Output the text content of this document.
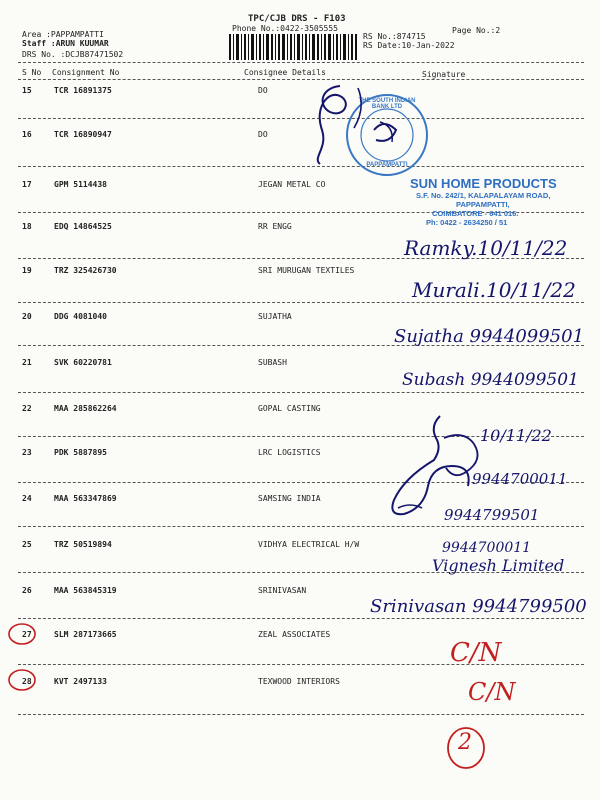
TPC/CJB DRS - F103
Phone No.:0422-3505555	Page No.:2
Area :PAPPAMPATTI
Staff :ARUN KUUMAR
DRS No. :DCJB87471502
RS No.:874715
RS Date:10-Jan-2022
S No Consignment No	Consignee Details	Signature
15	TCR 16891375	DO
16	TCR 16890947	DO
17	GPM 5114438	JEGAN METAL CO
18	EDQ 14864525	RR ENGG
19	TRZ 325426730	SRI MURUGAN TEXTILES
20	DDG 4081040	SUJATHA
21	SVK 60220781	SUBASH
22	MAA 285862264	GOPAL CASTING
23	PDK 5887895	LRC LOGISTICS
24	MAA 563347869	SAMSING INDIA
25	TRZ 50519894	VIDHYA ELECTRICAL H/W
26	MAA 563845319	SRINIVASAN
27	SLM 287173665	ZEAL ASSOCIATES
28	KVT 2497133	TEXWOOD INTERIORS
THE SOUTH INDIAN BANK LTD
PAPPAMPATTI
SUN HOME PRODUCTS
S.F. No. 242/1, KALAPALAYAM ROAD,
PAPPAMPATTI,
COIMBATORE - 641 016.
Ph: 0422 - 2634250 / 51
Ramky.10/11/22
Murali.10/11/22
Sujatha 9944099501
Subash 9944099501
10/11/22
9944700011
9944799501
9944700011
Vignesh Limited
Srinivasan 9944799500
C/N
C/N
2
